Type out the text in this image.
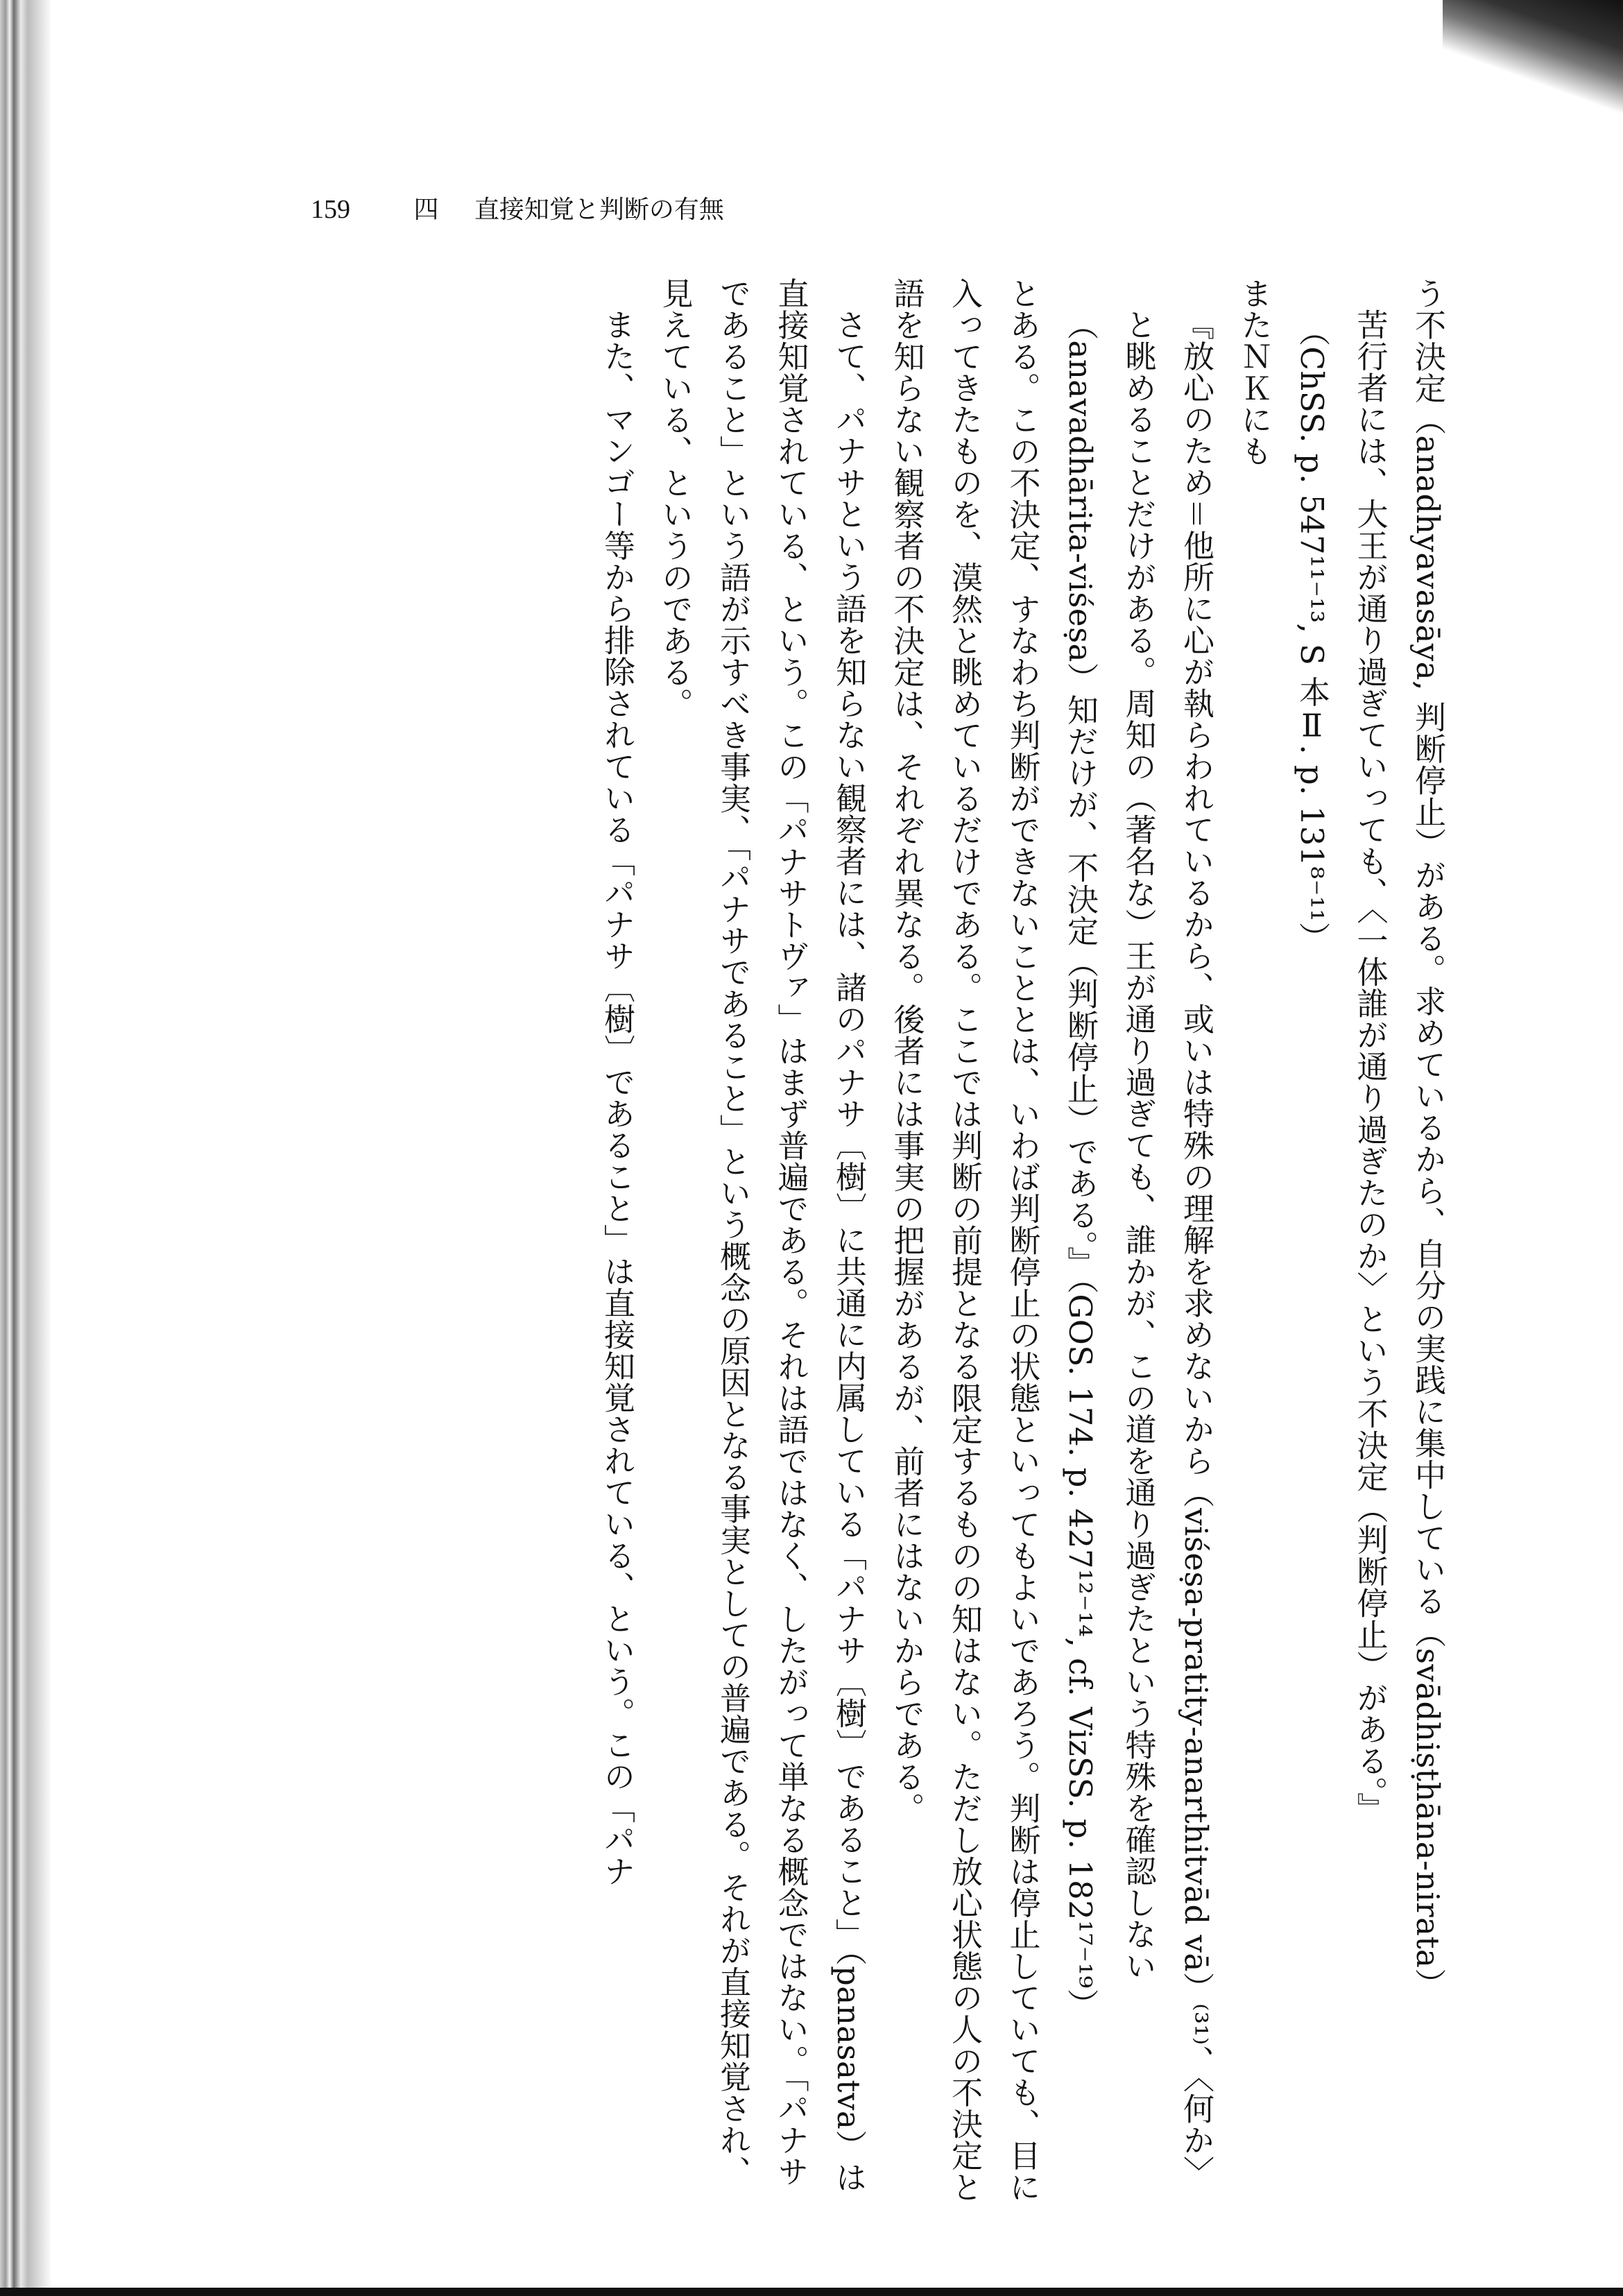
159	四 直接知覚と判断の有無

う不決定（anadhyavasāya, 判断停止）がある。求めているから、自分の実践に集中している（svādhiṣṭhāna-nirata）

苦行者には、大王が通り過ぎていっても、〈一体誰が通り過ぎたのか〉という不決定（判断停止）がある。』

（ChSS. p. 547¹¹⁻¹³, S 本Ⅱ. p. 131⁸⁻¹¹）

またＮＫにも

『放心のため＝他所に心が執らわれているから、或いは特殊の理解を求めないから（viśeṣa-pratity-anarthitvād vā）⁽³¹⁾、〈何か〉と眺めることだけがある。周知の（著名な）王が通り過ぎても、誰かが、この道を通り過ぎたという特殊を確認しない（anavadhārita-viśeṣa）知だけが、不決定（判断停止）である。』（GOS. 174. p. 427¹²⁻¹⁴, cf. VizSS. p. 182¹⁷⁻¹⁹）

とある。この不決定、すなわち判断ができないこととは、いわば判断停止の状態といってもよいであろう。判断は停止していても、目に入ってきたものを、漠然と眺めているだけである。ここでは判断の前提となる限定するものの知はない。ただし放心状態の人の不決定と語を知らない観察者の不決定は、それぞれ異なる。後者には事実の把握があるが、前者にはないからである。

さて、パナサという語を知らない観察者には、諸のパナサ〔樹〕に共通に内属している「パナサ〔樹〕であること」（panasatva）は直接知覚されている、という。この「パナサトヴァ」はまず普遍である。それは語ではなく、したがって単なる概念ではない。「パナサであること」という語が示すべき事実、「パナサであること」という概念の原因となる事実としての普遍である。それが直接知覚され、見えている、というのである。

また、マンゴー等から排除されている「パナサ〔樹〕であること」は直接知覚されている、という。この「パナ
